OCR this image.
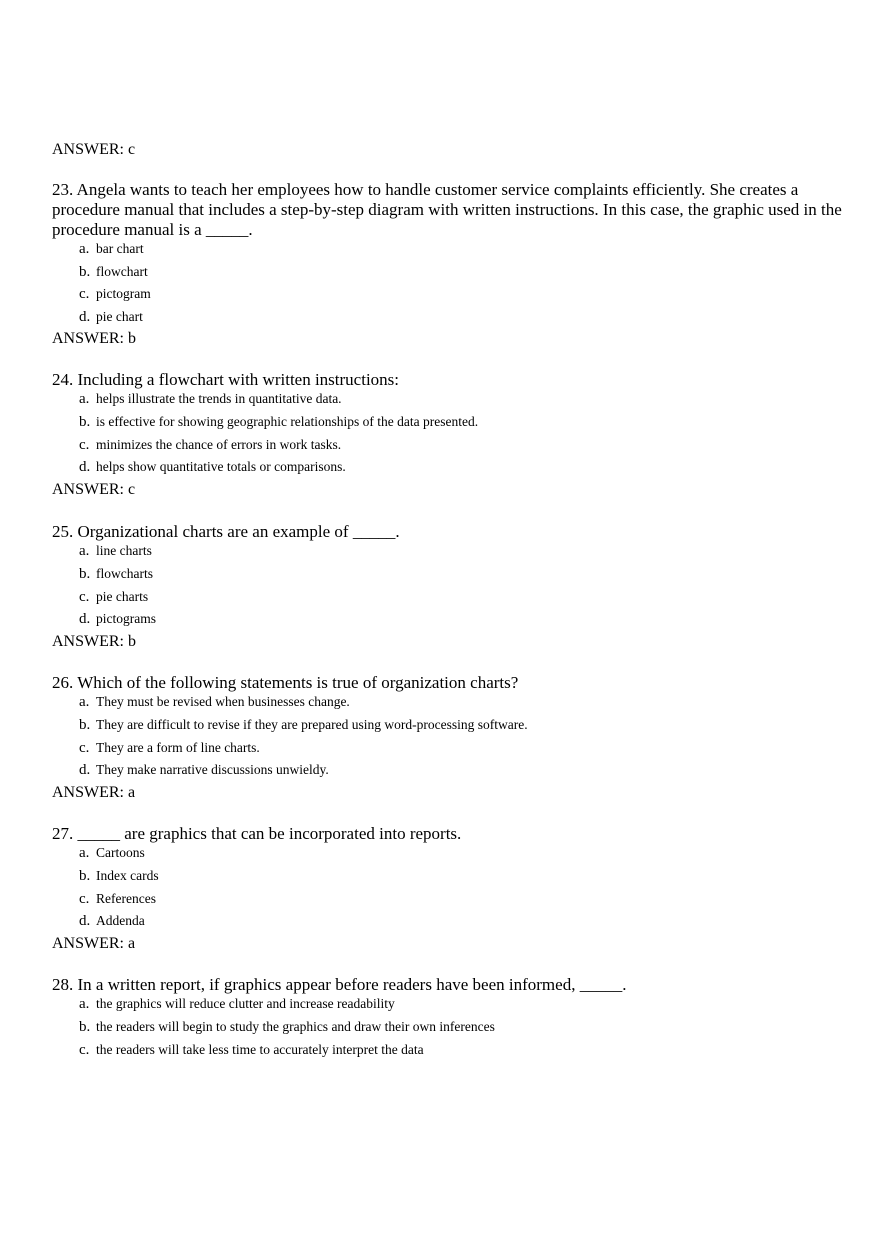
ANSWER: c
23. Angela wants to teach her employees how to handle customer service complaints efficiently. She creates a procedure manual that includes a step-by-step diagram with written instructions. In this case, the graphic used in the procedure manual is a _____.
a. bar chart
b. flowchart
c. pictogram
d. pie chart
ANSWER: b
24. Including a flowchart with written instructions:
a. helps illustrate the trends in quantitative data.
b. is effective for showing geographic relationships of the data presented.
c. minimizes the chance of errors in work tasks.
d. helps show quantitative totals or comparisons.
ANSWER: c
25. Organizational charts are an example of _____.
a. line charts
b. flowcharts
c. pie charts
d. pictograms
ANSWER: b
26. Which of the following statements is true of organization charts?
a. They must be revised when businesses change.
b. They are difficult to revise if they are prepared using word-processing software.
c. They are a form of line charts.
d. They make narrative discussions unwieldy.
ANSWER: a
27. _____ are graphics that can be incorporated into reports.
a. Cartoons
b. Index cards
c. References
d. Addenda
ANSWER: a
28. In a written report, if graphics appear before readers have been informed, _____.
a. the graphics will reduce clutter and increase readability
b. the readers will begin to study the graphics and draw their own inferences
c. the readers will take less time to accurately interpret the data
